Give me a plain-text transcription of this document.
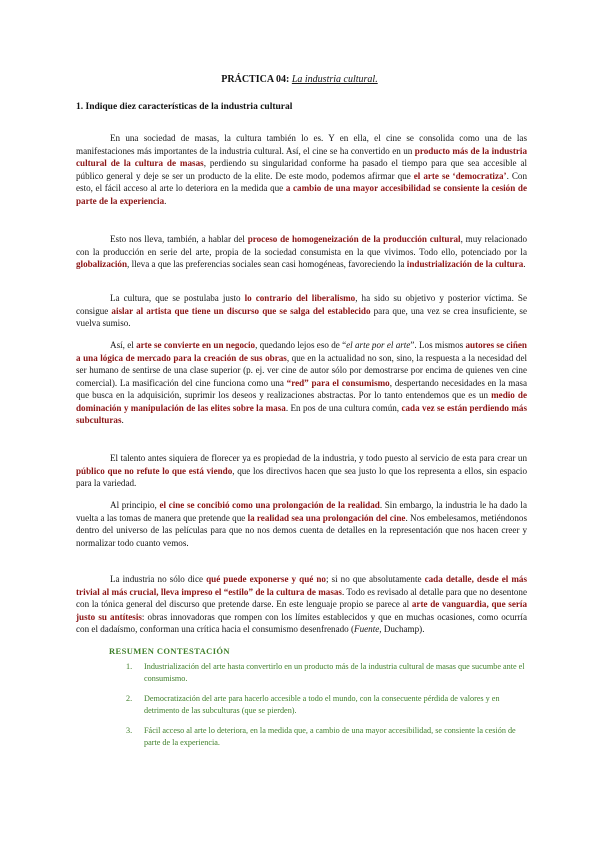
PRÁCTICA 04: La industria cultural.
1. Indique diez características de la industria cultural

En una sociedad de masas, la cultura también lo es. Y en ella, el cine se consolida como una de las manifestaciones más importantes de la industria cultural. Así, el cine se ha convertido en un producto más de la industria cultural de la cultura de masas, perdiendo su singularidad conforme ha pasado el tiempo para que sea accesible al público general y deje se ser un producto de la elite. De este modo, podemos afirmar que el arte se ‘democratiza’. Con esto, el fácil acceso al arte lo deteriora en la medida que a cambio de una mayor accesibilidad se consiente la cesión de parte de la experiencia.

Esto nos lleva, también, a hablar del proceso de homogeneización de la producción cultural, muy relacionado con la producción en serie del arte, propia de la sociedad consumista en la que vivimos. Todo ello, potenciado por la globalización, lleva a que las preferencias sociales sean casi homogéneas, favoreciendo la industrialización de la cultura.

La cultura, que se postulaba justo lo contrario del liberalismo, ha sido su objetivo y posterior víctima. Se consigue aislar al artista que tiene un discurso que se salga del establecido para que, una vez se crea insuficiente, se vuelva sumiso.

Así, el arte se convierte en un negocio, quedando lejos eso de “el arte por el arte”. Los mismos autores se ciñen a una lógica de mercado para la creación de sus obras, que en la actualidad no son, sino, la respuesta a la necesidad del ser humano de sentirse de una clase superior (p. ej. ver cine de autor sólo por demostrarse por encima de quienes ven cine comercial). La masificación del cine funciona como una “red” para el consumismo, despertando necesidades en la masa que busca en la adquisición, suprimir los deseos y realizaciones abstractas. Por lo tanto entendemos que es un medio de dominación y manipulación de las elites sobre la masa. En pos de una cultura común, cada vez se están perdiendo más subculturas.

El talento antes siquiera de florecer ya es propiedad de la industria, y todo puesto al servicio de esta para crear un público que no refute lo que está viendo, que los directivos hacen que sea justo lo que los representa a ellos, sin espacio para la variedad.

Al principio, el cine se concibió como una prolongación de la realidad. Sin embargo, la industria le ha dado la vuelta a las tomas de manera que pretende que la realidad sea una prolongación del cine. Nos embelesamos, metiéndonos dentro del universo de las películas para que no nos demos cuenta de detalles en la representación que nos hacen creer y normalizar todo cuanto vemos.

La industria no sólo dice qué puede exponerse y qué no; si no que absolutamente cada detalle, desde el más trivial al más crucial, lleva impreso el “estilo” de la cultura de masas. Todo es revisado al detalle para que no desentone con la tónica general del discurso que pretende darse. En este lenguaje propio se parece al arte de vanguardia, que sería justo su antítesis: obras innovadoras que rompen con los límites establecidos y que en muchas ocasiones, como ocurría con el dadaísmo, conforman una crítica hacia el consumismo desenfrenado (Fuente, Duchamp).

RESUMEN CONTESTACIÓN
1. Industrialización del arte hasta convertirlo en un producto más de la industria cultural de masas que sucumbe ante el consumismo.
2. Democratización del arte para hacerlo accesible a todo el mundo, con la consecuente pérdida de valores y en detrimento de las subculturas (que se pierden).
3. Fácil acceso al arte lo deteriora, en la medida que, a cambio de una mayor accesibilidad, se consiente la cesión de parte de la experiencia.
